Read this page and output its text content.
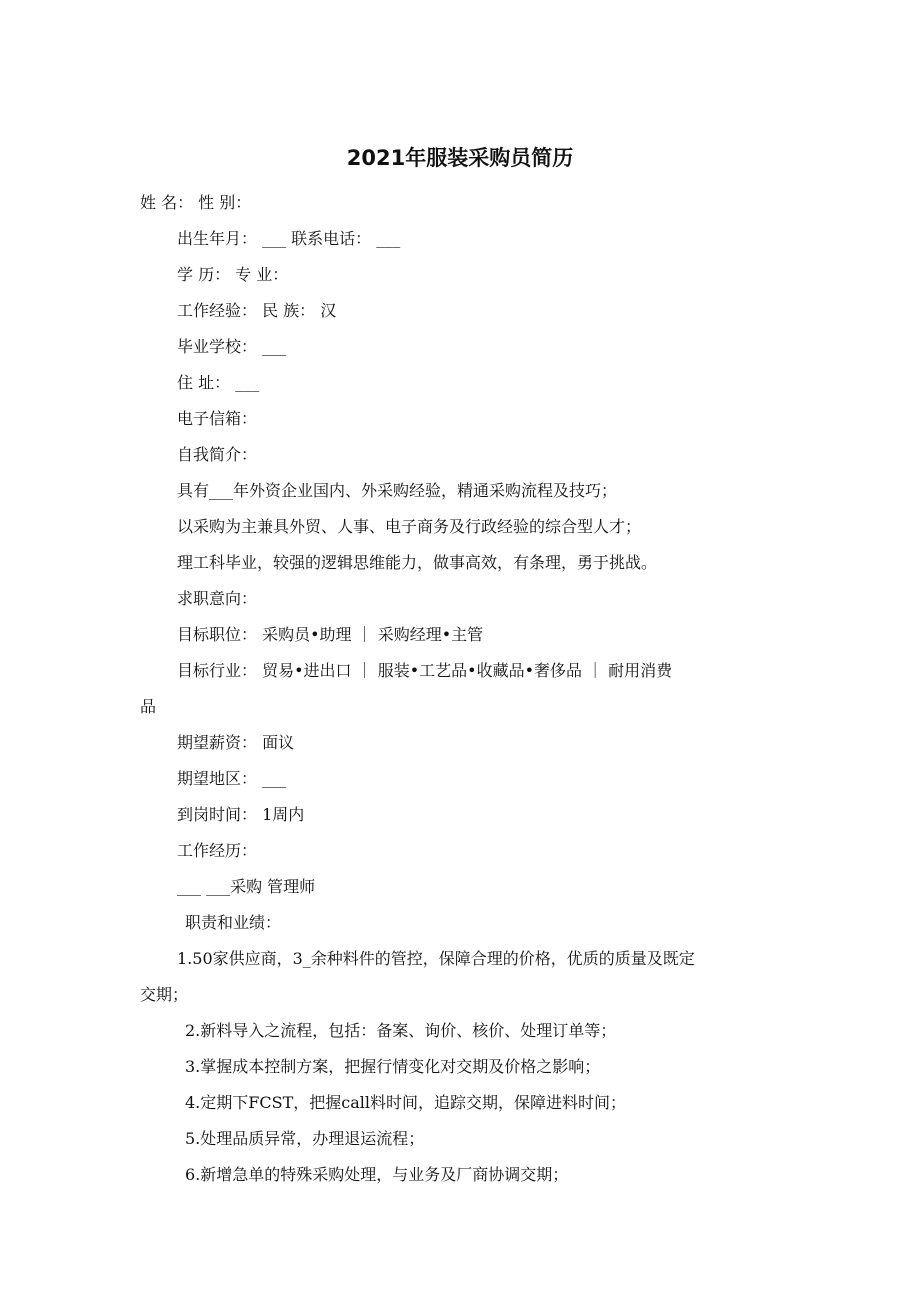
2021年服装采购员简历
姓 名： 性 别：
出生年月： ___ 联系电话： ___
学 历： 专 业：
工作经验： 民 族： 汉
毕业学校： ___
住 址： ___
电子信箱：
自我简介：
具有___年外资企业国内、外采购经验，精通采购流程及技巧；
以采购为主兼具外贸、人事、电子商务及行政经验的综合型人才；
理工科毕业，较强的逻辑思维能力，做事高效，有条理，勇于挑战。
求职意向：
目标职位： 采购员•助理 ｜ 采购经理•主管
目标行业： 贸易•进出口 ｜ 服装•工艺品•收藏品•奢侈品 ｜ 耐用消费
品
期望薪资： 面议
期望地区： ___
到岗时间： 1周内
工作经历：
___ ___采购 管理师
职责和业绩：
1.50家供应商，3_余种料件的管控，保障合理的价格，优质的质量及既定
交期；
2.新料导入之流程，包括：备案、询价、核价、处理订单等；
3.掌握成本控制方案，把握行情变化对交期及价格之影响；
4.定期下FCST，把握call料时间，追踪交期，保障进料时间；
5.处理品质异常，办理退运流程；
6.新增急单的特殊采购处理，与业务及厂商协调交期；
